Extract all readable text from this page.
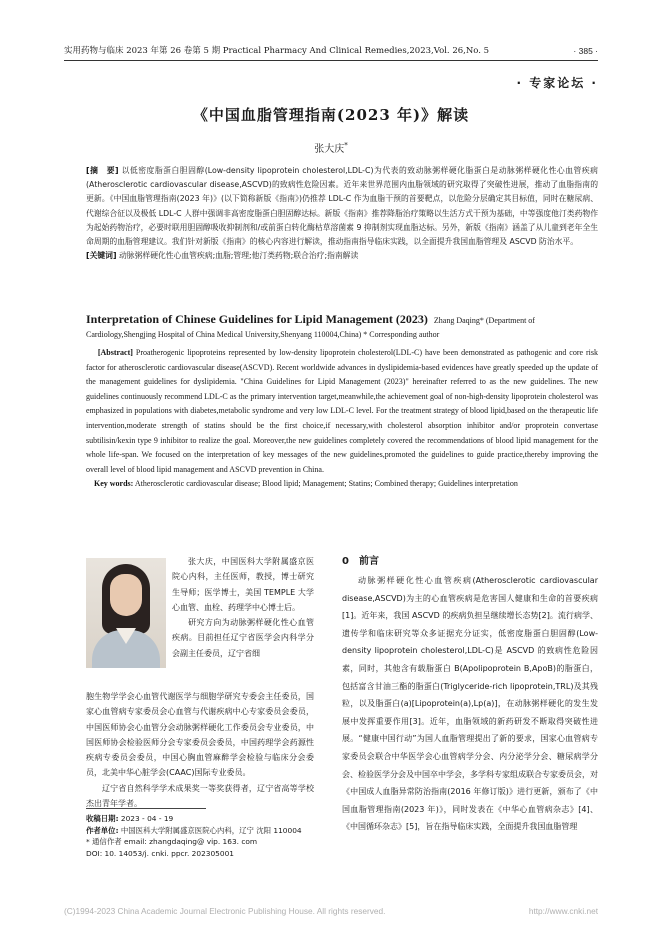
实用药物与临床 2023 年第 26 卷第 5 期 Practical Pharmacy And Clinical Remedies,2023,Vol. 26,No. 5	· 385 ·
· 专家论坛 ·
《中国血脂管理指南(2023 年)》解读
张大庆*
[摘　要] 以低密度脂蛋白胆固醇(Low-density lipoprotein cholesterol,LDL-C)为代表的致动脉粥样硬化脂蛋白是动脉粥样硬化性心血管疾病(Atherosclerotic cardiovascular disease,ASCVD)的致病性危险因素。近年来世界范围内血脂领域的研究取得了突破性进展，推动了血脂指南的更新。《中国血脂管理指南(2023 年)》(以下简称新版《指南》)仍推荐 LDL-C 作为血脂干预的首要靶点，以危险分层确定其目标值，同时在糖尿病、代谢综合征以及极低 LDL-C 人群中强调非高密度脂蛋白胆固醇达标。新版《指南》推荐降脂治疗策略以生活方式干预为基础，中等强度他汀类药物作为起始药物治疗，必要时联用胆固醇吸收抑制剂和/或前蛋白转化酶枯草溶菌素 9 抑制剂实现血脂达标。另外，新版《指南》涵盖了从儿童到老年全生命周期的血脂管理建议。我们针对新版《指南》的核心内容进行解读，推动指南指导临床实践，以全面提升我国血脂管理及 ASCVD 防治水平。
[关键词] 动脉粥样硬化性心血管疾病;血脂;管理;他汀类药物;联合治疗;指南解读
Interpretation of Chinese Guidelines for Lipid Management (2023) Zhang Daqing* (Department of Cardiology,Shengjing Hospital of China Medical University,Shenyang 110004,China) * Corresponding author
[Abstract] Proatherogenic lipoproteins represented by low-density lipoprotein cholesterol(LDL-C) have been demonstrated as pathogenic and core risk factor for atherosclerotic cardiovascular disease(ASCVD). Recent worldwide advances in dyslipidemia-based evidences have greatly speeded up the update of the management guidelines for dyslipidemia. "China Guidelines for Lipid Management (2023)" hereinafter referred to as the new guidelines. The new guidelines continuously recommend LDL-C as the primary intervention target,meanwhile,the achievement goal of non-high-density lipoprotein cholesterol was emphasized in populations with diabetes,metabolic syndrome and very low LDL-C level. For the treatment strategy of blood lipid,based on the therapeutic life intervention,moderate strength of statins should be the first choice,if necessary,with cholesterol absorption inhibitor and/or proprotein convertase subtilisin/kexin type 9 inhibitor to realize the goal. Moreover,the new guidelines completely covered the recommendations of blood lipid management for the whole life-span. We focused on the interpretation of key messages of the new guidelines,promoted the guidelines to guide practice,thereby improving the overall level of blood lipid management and ASCVD prevention in China.
Key words: Atherosclerotic cardiovascular disease; Blood lipid; Management; Statins; Combined therapy; Guidelines interpretation

张大庆，中国医科大学附属盛京医院心内科，主任医师，教授，博士研究生导师；医学博士，美国 TEMPLE 大学心血管、血栓、药理学中心博士后。

研究方向为动脉粥样硬化性心血管疾病。目前担任辽宁省医学会内科学分会副主任委员，辽宁省细

胞生物学学会心血管代谢医学与细胞学研究专委会主任委员，国家心血管病专家委员会心血管与代谢疾病中心专家委员会委员，中国医师协会心血管分会动脉粥样硬化工作委员会专业委员，中国医师协会检验医师分会专家委员会委员，中国药理学会药源性疾病专委员会委员，中国心胸血管麻醉学会检验与临床分会委员，北美中华心脏学会(CAAC)国际专业委员。

辽宁省自然科学学术成果奖一等奖获得者，辽宁省高等学校杰出青年学者。

收稿日期: 2023 - 04 - 19
作者单位: 中国医科大学附属盛京医院心内科，辽宁 沈阳 110004
* 通信作者 email: zhangdaqing@ vip. 163. com
DOI: 10. 14053/j. cnki. ppcr. 202305001
0　前言
动脉粥样硬化性心血管疾病(Atherosclerotic cardiovascular disease,ASCVD)为主的心血管疾病是危害国人健康和生命的首要疾病[1]。近年来，我国 ASCVD 的疾病负担呈继续增长态势[2]。流行病学、遗传学和临床研究等众多证据充分证实，低密度脂蛋白胆固醇(Low-density lipoprotein cholesterol,LDL-C)是 ASCVD 的致病性危险因素，同时，其他含有载脂蛋白 B(Apolipoprotein B,ApoB)的脂蛋白，包括富含甘油三酯的脂蛋白(Triglyceride-rich lipoprotein,TRL)及其残粒，以及脂蛋白(a)[Lipoprotein(a),Lp(a)]，在动脉粥样硬化的发生发展中发挥重要作用[3]。近年，血脂领域的新药研发不断取得突破性进展。“健康中国行动”为国人血脂管理提出了新的要求，国家心血管病专家委员会联合中华医学会心血管病学分会、内分泌学分会、糖尿病学分会、检验医学分会及中国卒中学会，多学科专家组成联合专家委员会，对《中国成人血脂异常防治指南(2016 年修订版)》进行更新，颁布了《中国血脂管理指南(2023 年)》，同时发表在《中华心血管病杂志》[4]、《中国循环杂志》[5]，旨在指导临床实践，全面提升我国血脂管理
(C)1994-2023 China Academic Journal Electronic Publishing House. All rights reserved.	http://www.cnki.net
